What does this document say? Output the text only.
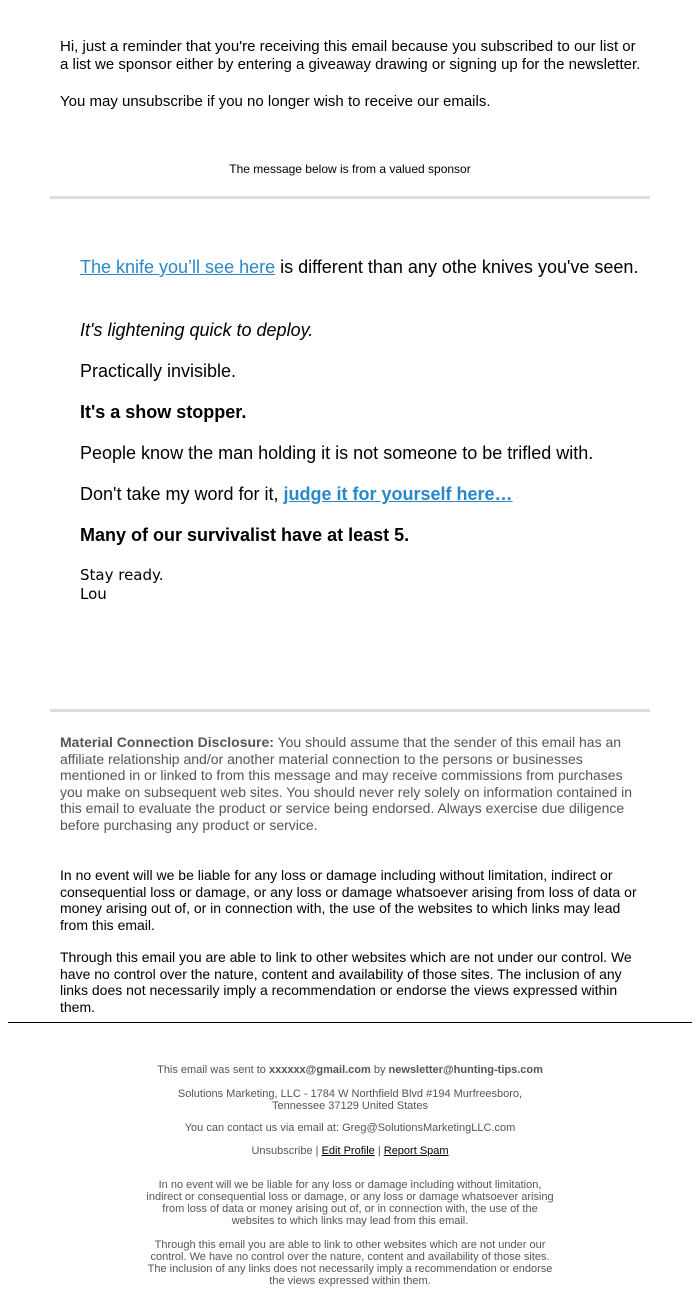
Hi, just a reminder that you're receiving this email because you subscribed to our list or a list we sponsor either by entering a giveaway drawing or signing up for the newsletter.

You may unsubscribe if you no longer wish to receive our emails.

The message below is from a valued sponsor

The knife you’ll see here is different than any othe knives you've seen.

It's lightening quick to deploy.

Practically invisible.

It's a show stopper.

People know the man holding it is not someone to be trifled with.

Don't take my word for it, judge it for yourself here…

Many of our survivalist have at least 5.

Stay ready.

Lou

Material Connection Disclosure: You should assume that the sender of this email has an affiliate relationship and/or another material connection to the persons or businesses mentioned in or linked to from this message and may receive commissions from purchases you make on subsequent web sites. You should never rely solely on information contained in this email to evaluate the product or service being endorsed. Always exercise due diligence before purchasing any product or service.

In no event will we be liable for any loss or damage including without limitation, indirect or consequential loss or damage, or any loss or damage whatsoever arising from loss of data or money arising out of, or in connection with, the use of the websites to which links may lead from this email.

Through this email you are able to link to other websites which are not under our control. We have no control over the nature, content and availability of those sites. The inclusion of any links does not necessarily imply a recommendation or endorse the views expressed within them.

This email was sent to xxxxxx@gmail.com by newsletter@hunting-tips.com
Solutions Marketing, LLC - 1784 W Northfield Blvd #194 Murfreesboro, Tennessee 37129 United States
You can contact us via email at: Greg@SolutionsMarketingLLC.com
Unsubscribe | Edit Profile | Report Spam
In no event will we be liable for any loss or damage including without limitation, indirect or consequential loss or damage, or any loss or damage whatsoever arising from loss of data or money arising out of, or in connection with, the use of the websites to which links may lead from this email.
Through this email you are able to link to other websites which are not under our control. We have no control over the nature, content and availability of those sites. The inclusion of any links does not necessarily imply a recommendation or endorse the views expressed within them.
